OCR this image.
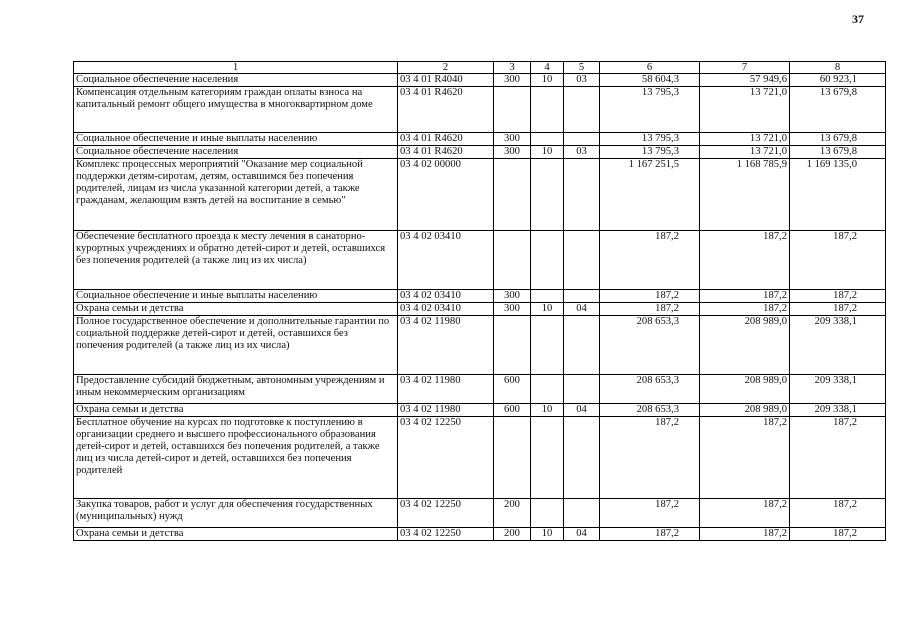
37
1	2	3	4	5	6	7	8
Социальное обеспечение населения	03 4 01 R4040	300	10	03	58 604,3	57 949,6	60 923,1
Компенсация отдельным категориям граждан оплаты взноса на капитальный ремонт общего имущества в многоквартирном доме	03 4 01 R4620				13 795,3	13 721,0	13 679,8
Социальное обеспечение и иные выплаты населению	03 4 01 R4620	300			13 795,3	13 721,0	13 679,8
Социальное обеспечение населения	03 4 01 R4620	300	10	03	13 795,3	13 721,0	13 679,8
Комплекс процессных мероприятий "Оказание мер социальной поддержки детям-сиротам, детям, оставшимся без попечения родителей, лицам из числа указанной категории детей, а также гражданам, желающим взять детей на воспитание в семью"	03 4 02 00000				1 167 251,5	1 168 785,9	1 169 135,0
Обеспечение бесплатного проезда к месту лечения в санаторно-курортных учреждениях и обратно детей-сирот и детей, оставшихся без попечения родителей (а также лиц из их числа)	03 4 02 03410				187,2	187,2	187,2
Социальное обеспечение и иные выплаты населению	03 4 02 03410	300			187,2	187,2	187,2
Охрана семьи и детства	03 4 02 03410	300	10	04	187,2	187,2	187,2
Полное государственное обеспечение и дополнительные гарантии по социальной поддержке детей-сирот и детей, оставшихся без попечения родителей (а также лиц из их числа)	03 4 02 11980				208 653,3	208 989,0	209 338,1
Предоставление субсидий бюджетным, автономным учреждениям и иным некоммерческим организациям	03 4 02 11980	600			208 653,3	208 989,0	209 338,1
Охрана семьи и детства	03 4 02 11980	600	10	04	208 653,3	208 989,0	209 338,1
Бесплатное обучение на курсах по подготовке к поступлению в организации среднего и высшего профессионального образования детей-сирот и детей, оставшихся без попечения родителей, а также лиц из числа детей-сирот и детей, оставшихся без попечения родителей	03 4 02 12250				187,2	187,2	187,2
Закупка товаров, работ и услуг для обеспечения государственных (муниципальных) нужд	03 4 02 12250	200			187,2	187,2	187,2
Охрана семьи и детства	03 4 02 12250	200	10	04	187,2	187,2	187,2
